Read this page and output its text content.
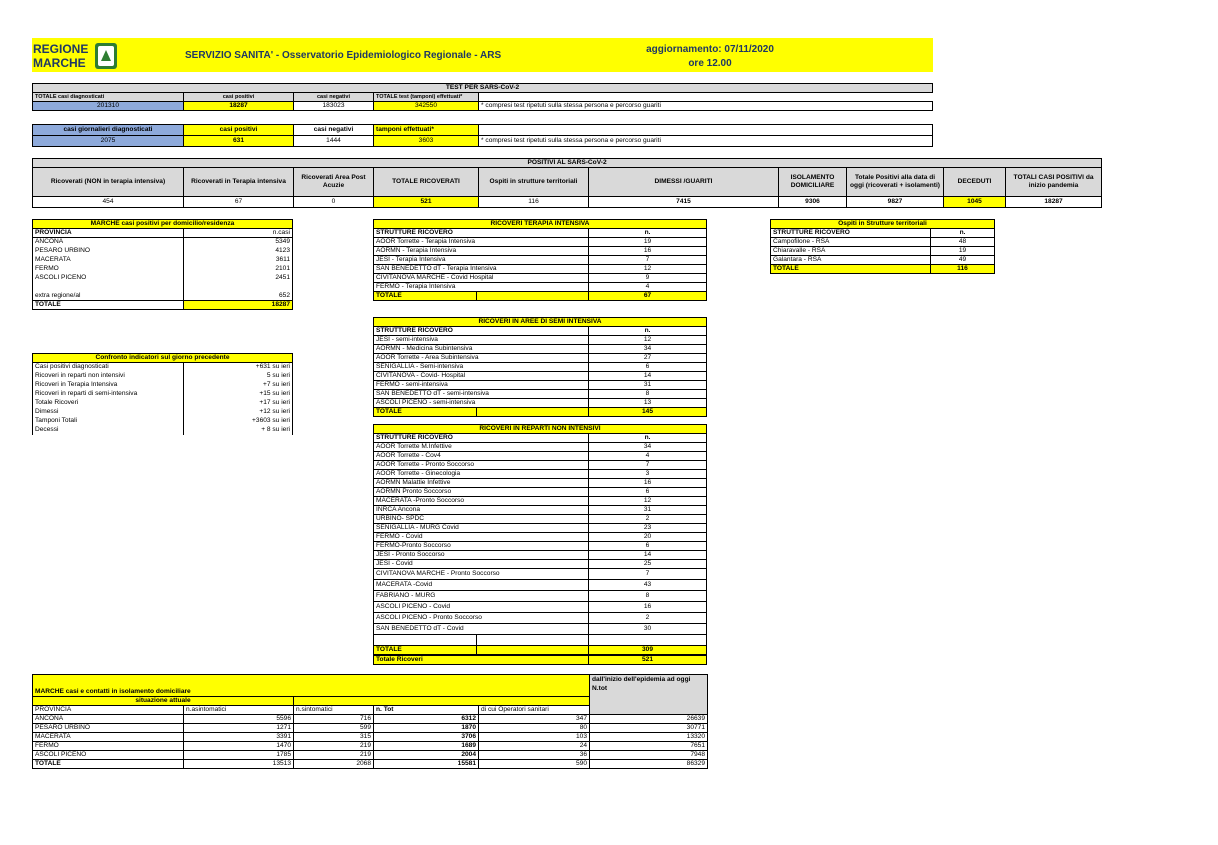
REGIONE
MARCHE
SERVIZIO SANITA' - Osservatorio Epidemiologico Regionale - ARS
aggiornamento: 07/11/2020
ore 12.00
TEST PER SARS-CoV-2				
TOTALE casi diagnosticati	casi positivi	casi negativi	TOTALE test (tamponi) effettuati*	
201310	18287	183023	342550	* compresi test ripetuti sulla stessa persona e percorso guariti
casi giornalieri diagnosticati	casi positivi	casi negativi	tamponi effettuati*	
2075	631	1444	3603	* compresi test ripetuti sulla stessa persona e percorso guariti
POSITIVI AL SARS-CoV-2									
Ricoverati (NON in terapia intensiva)	Ricoverati in Terapia intensiva	Ricoverati Area Post Acuzie	TOTALE RICOVERATI	Ospiti in strutture territoriali	DIMESSI /GUARITI	ISOLAMENTO DOMICILIARE	Totale Positivi alla data di oggi (ricoverati + isolamenti)	DECEDUTI	TOTALI CASI POSITIVI da inizio pandemia
454	67	0	521	116	7415	9306	9827	1045	18287
MARCHE casi positivi per domicilio/residenza	
PROVINCIA	n.casi
ANCONA	5349
PESARO URBINO	4123
MACERATA	3611
FERMO	2101
ASCOLI PICENO	2451

extra regione/al	652
TOTALE	18287
Confronto indicatori sul giorno precedente	
Casi positivi diagnosticati	+631 su ieri
Ricoveri in reparti non intensivi	5 su ieri
Ricoveri in Terapia Intensiva	+7 su ieri
Ricoveri in reparti di semi-intensiva	+15 su ieri
Totale Ricoveri	+17 su ieri
Dimessi	+12 su ieri
Tamponi Totali	+3603 su ieri
Decessi	+ 8 su ieri
RICOVERI TERAPIA INTENSIVA		
STRUTTURE RICOVERO		n.
AOOR Torrette - Terapia Intensiva		19
AORMN - Terapia Intensiva		16
JESI - Terapia Intensiva		7
SAN BENEDETTO dT - Terapia Intensiva		12
CIVITANOVA MARCHE - Covid Hospital		9
FERMO - Terapia Intensiva		4
TOTALE		67
RICOVERI IN AREE DI SEMI INTENSIVA		
STRUTTURE RICOVERO		n.
JESI - semi-intensiva		12
AORMN - Medicina Subintensiva		34
AOOR Torrette - Area Subintensiva		27
SENIGALLIA - Semi-intensiva		6
CIVITANOVA - Covid- Hospital		14
FERMO - semi-intensiva		31
SAN BENEDETTO dT - semi-intensiva		8
ASCOLI PICENO - semi-intensiva		13
TOTALE		145
RICOVERI IN REPARTI NON INTENSIVI		
STRUTTURE RICOVERO		n.
AOOR Torrette M.Infettive		34
AOOR Torrette - Cov4		4
AOOR Torrette - Pronto Soccorso		7
AOOR Torrette - Ginecologia		3
AORMN Malattie Infettive		16
AORMN Pronto Soccorso		6
MACERATA -Pronto Soccorso		12
INRCA Ancona		31
URBINO- SPDC		2
SENIGALLIA - MURG Covid		23
FERMO - Covid		20
FERMO-Pronto Soccorso		6
JESI - Pronto Soccorso		14
JESI - Covid		25
CIVITANOVA MARCHE - Pronto Soccorso		7
MACERATA -Covid		43
FABRIANO - MURG		8
ASCOLI PICENO - Covid		16
ASCOLI PICENO - Pronto Soccorso		2
SAN BENEDETTO dT - Covid		30

TOTALE		309
Totale Ricoveri	521
Ospiti in Strutture territoriali	
STRUTTURE RICOVERO	n.
Campofilone - RSA	48
Chiaravalle - RSA	19
Galantara - RSA	49
TOTALE	116
MARCHE casi e contatti in isolamento domiciliare					dall'inizio dell'epidemia ad oggi
N.tot

situazione attuale					
PROVINCIA	n.asintomatici	n.sintomatici	n. Tot	di cui Operatori sanitari	
ANCONA	5596	716	6312	347	26639
PESARO URBINO	1271	599	1870	80	30771
MACERATA	3391	315	3706	103	13320
FERMO	1470	219	1689	24	7651
ASCOLI PICENO	1785	219	2004	36	7948
TOTALE	13513	2068	15581	590	86329
